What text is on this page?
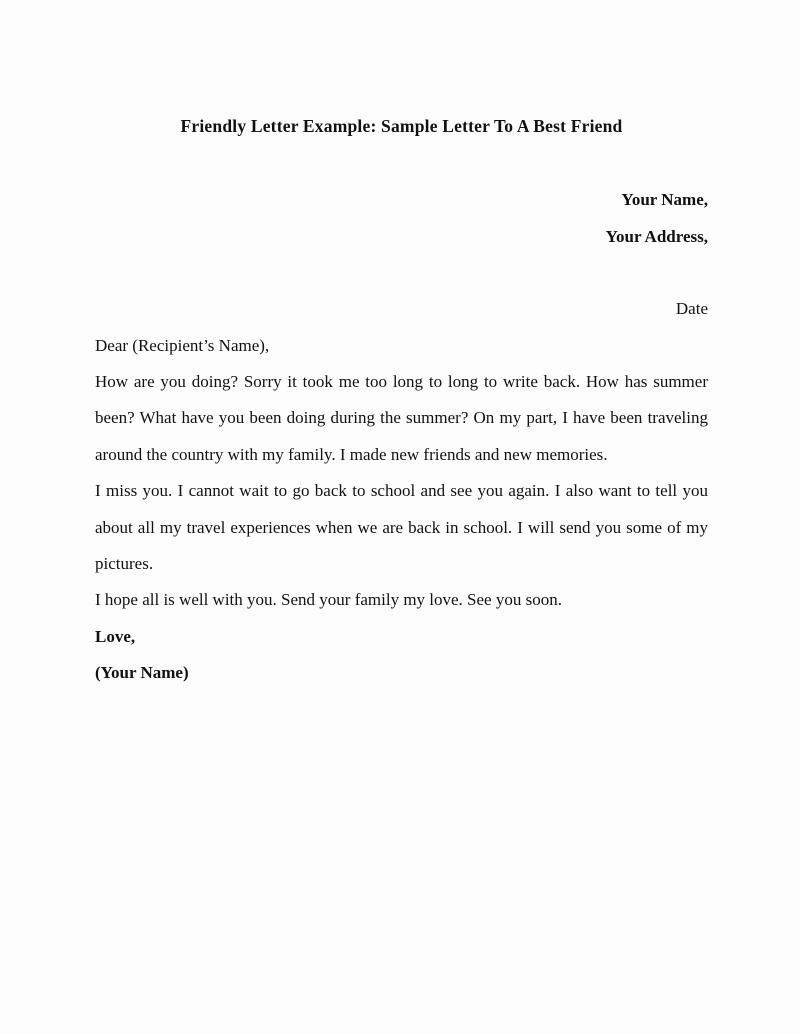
Friendly Letter Example: Sample Letter To A Best Friend
Your Name,
Your Address,
Date
Dear (Recipient’s Name),

How are you doing? Sorry it took me too long to long to write back. How has summer been? What have you been doing during the summer? On my part, I have been traveling around the country with my family. I made new friends and new memories.

I miss you. I cannot wait to go back to school and see you again. I also want to tell you about all my travel experiences when we are back in school. I will send you some of my pictures.

I hope all is well with you. Send your family my love. See you soon.

Love,
(Your Name)
